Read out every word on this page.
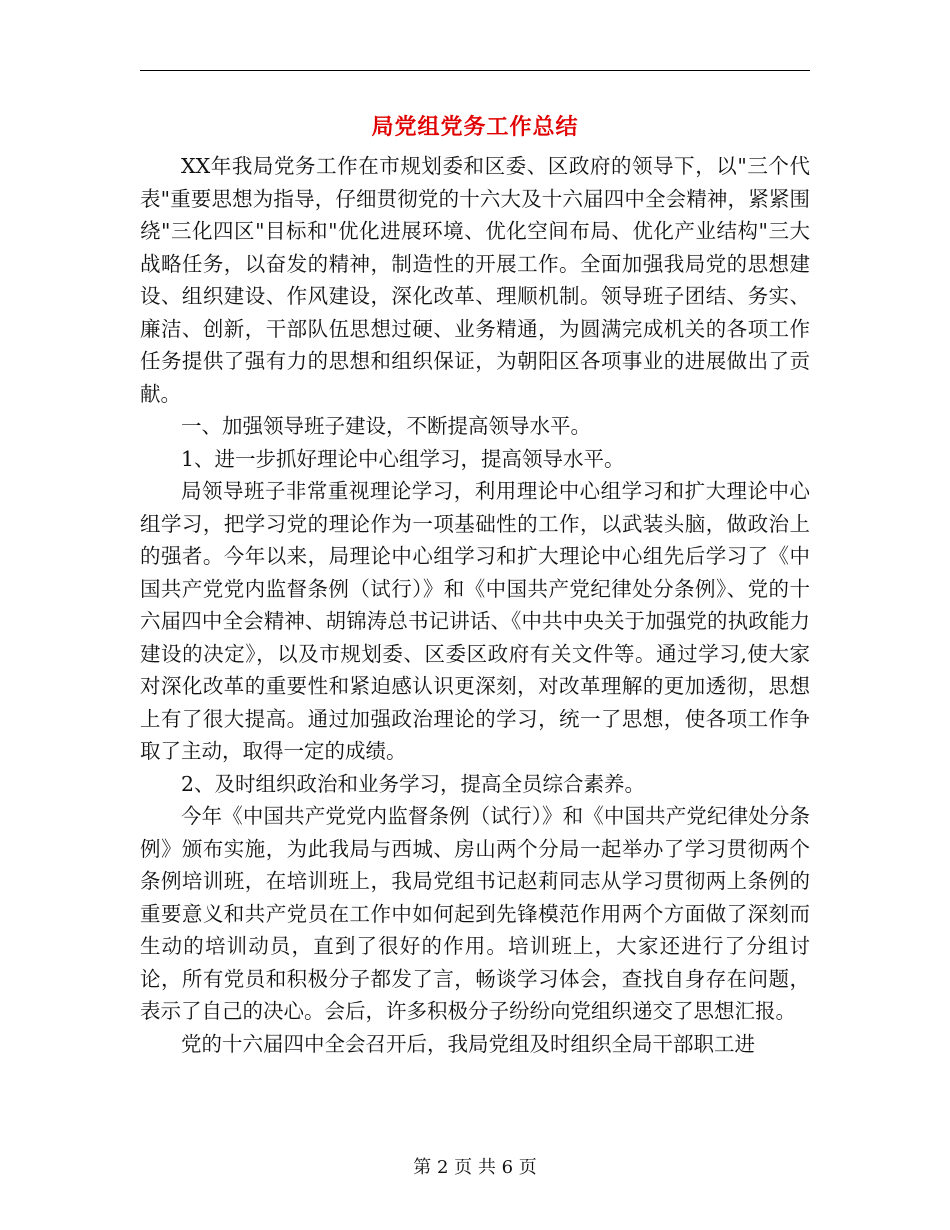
局党组党务工作总结

XX年我局党务工作在市规划委和区委、区政府的领导下，以"三个代表"重要思想为指导，仔细贯彻党的十六大及十六届四中全会精神，紧紧围绕"三化四区"目标和"优化进展环境、优化空间布局、优化产业结构"三大战略任务，以奋发的精神，制造性的开展工作。全面加强我局党的思想建设、组织建设、作风建设，深化改革、理顺机制。领导班子团结、务实、廉洁、创新，干部队伍思想过硬、业务精通，为圆满完成机关的各项工作任务提供了强有力的思想和组织保证，为朝阳区各项事业的进展做出了贡献。

一、加强领导班子建设，不断提高领导水平。

1、进一步抓好理论中心组学习，提高领导水平。

局领导班子非常重视理论学习，利用理论中心组学习和扩大理论中心组学习，把学习党的理论作为一项基础性的工作，以武装头脑，做政治上的强者。今年以来，局理论中心组学习和扩大理论中心组先后学习了《中国共产党党内监督条例（试行）》和《中国共产党纪律处分条例》、党的十六届四中全会精神、胡锦涛总书记讲话、《中共中央关于加强党的执政能力建设的决定》，以及市规划委、区委区政府有关文件等。通过学习,使大家对深化改革的重要性和紧迫感认识更深刻，对改革理解的更加透彻，思想上有了很大提高。通过加强政治理论的学习，统一了思想，使各项工作争取了主动，取得一定的成绩。

2、及时组织政治和业务学习，提高全员综合素养。

今年《中国共产党党内监督条例（试行）》和《中国共产党纪律处分条例》颁布实施，为此我局与西城、房山两个分局一起举办了学习贯彻两个条例培训班，在培训班上，我局党组书记赵莉同志从学习贯彻两上条例的重要意义和共产党员在工作中如何起到先锋模范作用两个方面做了深刻而生动的培训动员，直到了很好的作用。培训班上，大家还进行了分组讨论，所有党员和积极分子都发了言，畅谈学习体会，查找自身存在问题，表示了自己的决心。会后，许多积极分子纷纷向党组织递交了思想汇报。

党的十六届四中全会召开后，我局党组及时组织全局干部职工进

第 2 页 共 6 页
